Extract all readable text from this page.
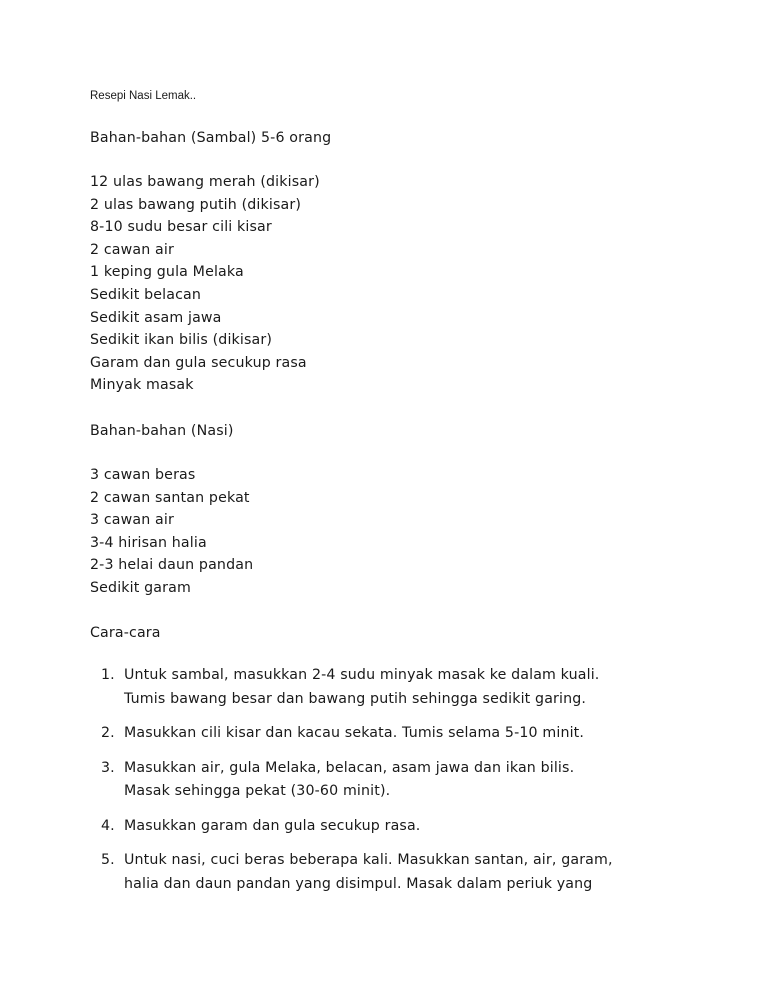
Resepi Nasi Lemak..
Bahan-bahan (Sambal) 5-6 orang
12 ulas bawang merah (dikisar)
2 ulas bawang putih (dikisar)
8-10 sudu besar cili kisar
2 cawan air
1 keping gula Melaka
Sedikit belacan
Sedikit asam jawa
Sedikit ikan bilis (dikisar)
Garam dan gula secukup rasa
Minyak masak
Bahan-bahan (Nasi)
3 cawan beras
2 cawan santan pekat
3 cawan air
3-4 hirisan halia
2-3 helai daun pandan
Sedikit garam
Cara-cara
1. Untuk sambal, masukkan 2-4 sudu minyak masak ke dalam kuali.
Tumis bawang besar dan bawang putih sehingga sedikit garing.
2. Masukkan cili kisar dan kacau sekata. Tumis selama 5-10 minit.
3. Masukkan air, gula Melaka, belacan, asam jawa dan ikan bilis.
Masak sehingga pekat (30-60 minit).
4. Masukkan garam dan gula secukup rasa.
5. Untuk nasi, cuci beras beberapa kali. Masukkan santan, air, garam,
halia dan daun pandan yang disimpul. Masak dalam periuk yang
